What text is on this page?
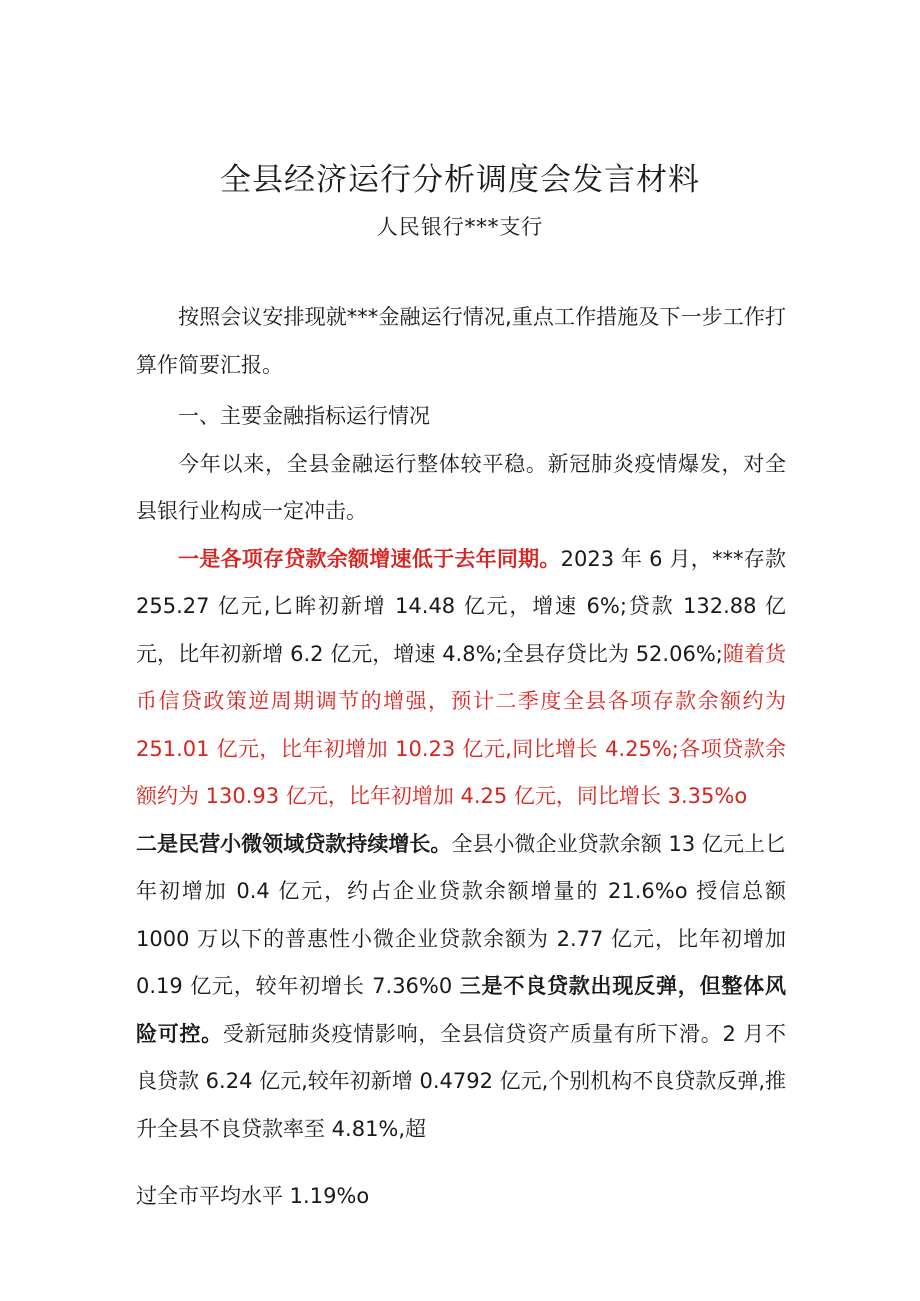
全县经济运行分析调度会发言材料
人民银行***支行

按照会议安排现就***金融运行情况,重点工作措施及下一步工作打算作简要汇报。

一、主要金融指标运行情况

今年以来，全县金融运行整体较平稳。新冠肺炎疫情爆发，对全县银行业构成一定冲击。

一是各项存贷款余额增速低于去年同期。2023 年 6 月，***存款 255.27 亿元,匕眸初新增 14.48 亿元，增速 6%;贷款 132.88 亿元，比年初新增 6.2 亿元，增速 4.8%;全县存贷比为 52.06%;随着货币信贷政策逆周期调节的增强，预计二季度全县各项存款余额约为 251.01 亿元，比年初增加 10.23 亿元,同比增长 4.25%;各项贷款余额约为 130.93 亿元，比年初增加 4.25 亿元，同比增长 3.35%o

二是民营小微领域贷款持续增长。全县小微企业贷款余额 13 亿元上匕年初增加 0.4 亿元，约占企业贷款余额增量的 21.6%o 授信总额 1000 万以下的普惠性小微企业贷款余额为 2.77 亿元，比年初增加 0.19 亿元，较年初增长 7.36%0 三是不良贷款出现反弹，但整体风险可控。受新冠肺炎疫情影响，全县信贷资产质量有所下滑。2 月不良贷款 6.24 亿元,较年初新增 0.4792 亿元,个别机构不良贷款反弹,推升全县不良贷款率至 4.81%,超

过全市平均水平 1.19%o
